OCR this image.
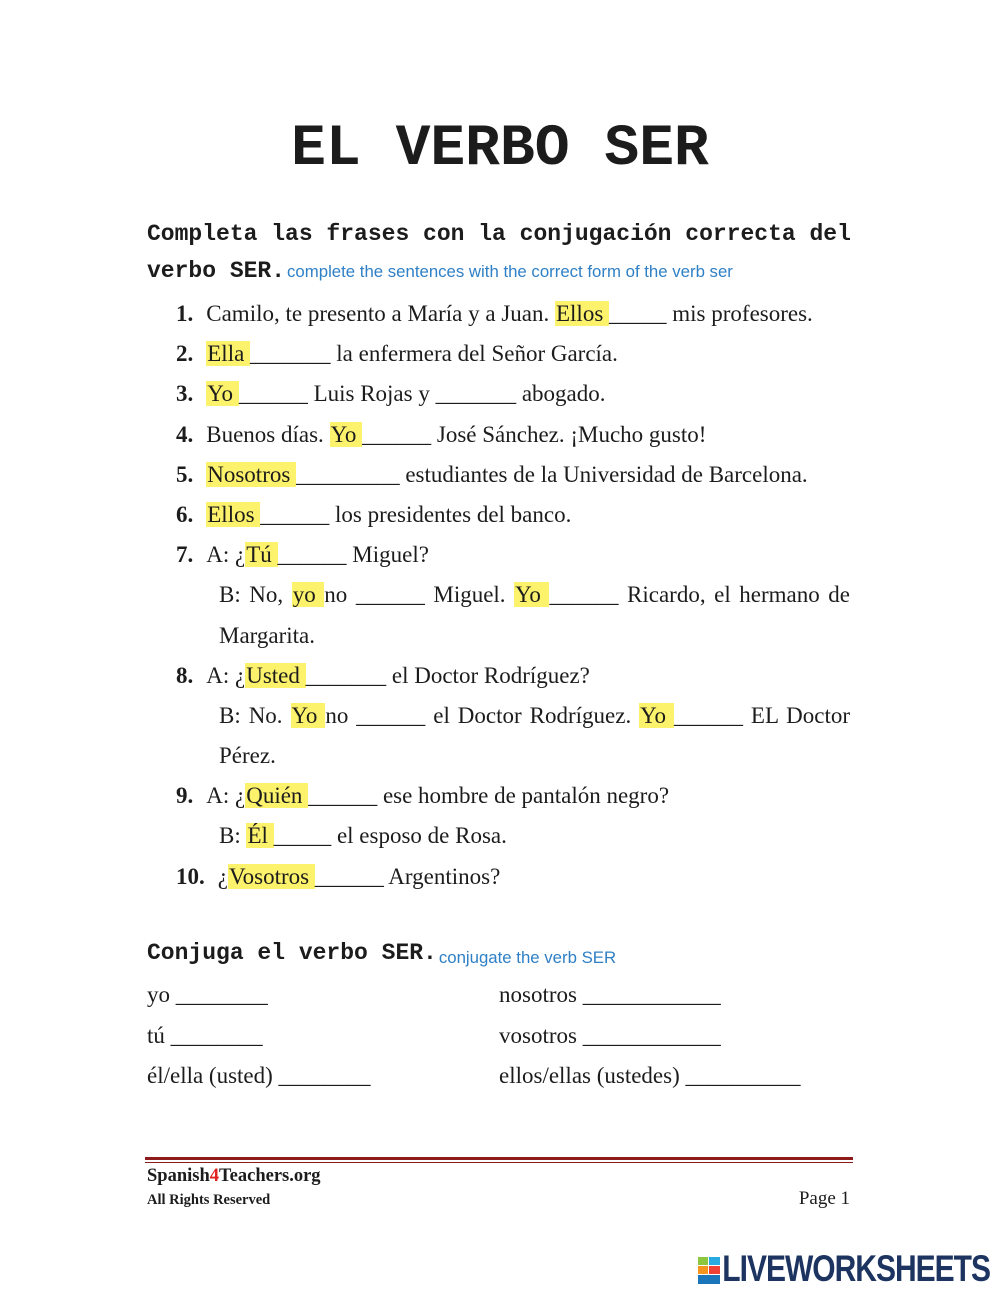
EL VERBO SER
Completa las frases con la conjugación correcta del
verbo SER. complete the sentences with the correct form of the verb ser
1. Camilo, te presento a María y a Juan. Ellos _____ mis profesores.
2. Ella _______ la enfermera del Señor García.
3. Yo ______ Luis Rojas y _______ abogado.
4. Buenos días. Yo ______ José Sánchez. ¡Mucho gusto!
5. Nosotros _________ estudiantes de la Universidad de Barcelona.
6. Ellos ______ los presidentes del banco.
7. A: ¿Tú ______ Miguel?
B: No, yo no ______ Miguel. Yo ______ Ricardo, el hermano de
Margarita.
8. A: ¿Usted _______ el Doctor Rodríguez?
B: No. Yo no ______ el Doctor Rodríguez. Yo ______ EL Doctor
Pérez.
9. A: ¿Quién ______ ese hombre de pantalón negro?
B: Él _____ el esposo de Rosa.
10. ¿Vosotros ______ Argentinos?
Conjuga el verbo SER. conjugate the verb SER
yo ________	nosotros ____________
tú ________	vosotros ____________
él/ella (usted) ________	ellos/ellas (ustedes) __________
Spanish4Teachers.org
All Rights Reserved	Page 1
LIVEWORKSHEETS
